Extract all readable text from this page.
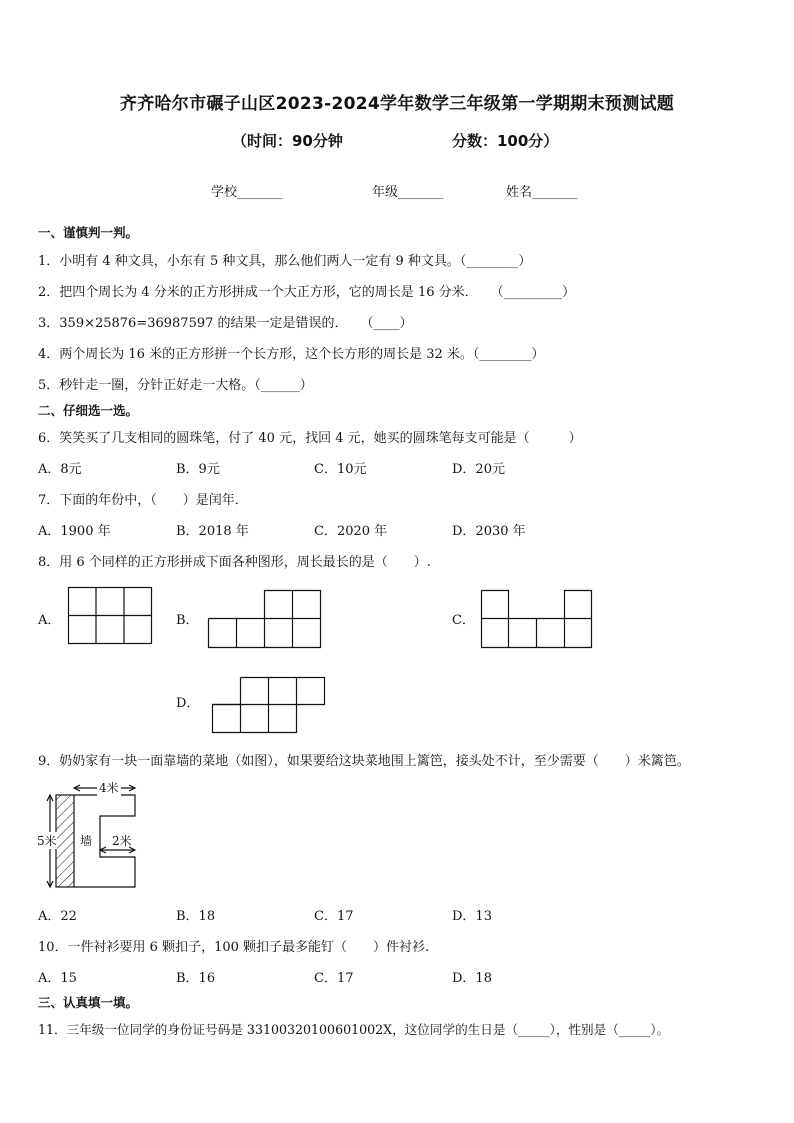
齐齐哈尔市碾子山区2023-2024学年数学三年级第一学期期末预测试题
（时间：90分钟	分数：100分）
学校_______	年级_______	姓名_______
一、谨慎判一判。
1．小明有 4 种文具，小东有 5 种文具，那么他们两人一定有 9 种文具。（________）
2．把四个周长为 4 分米的正方形拼成一个大正方形，它的周长是 16 分米．　　（_________）
3．359×25876=36987597 的结果一定是错误的．　　（____）
4．两个周长为 16 米的正方形拼一个长方形，这个长方形的周长是 32 米。（________）
5．秒针走一圈，分针正好走一大格。（______）
二、仔细选一选。
6．笑笑买了几支相同的圆珠笔，付了 40 元，找回 4 元，她买的圆珠笔每支可能是（　　　）
A．8元	B．9元	C．10元	D．20元
7．下面的年份中，（　　）是闰年．
A．1900 年	B．2018 年	C．2020 年	D．2030 年
8．用 6 个同样的正方形拼成下面各种图形，周长最长的是（　　）.
A．	B．	C．
D．
9．奶奶家有一块一面靠墙的菜地（如图），如果要给这块菜地围上篱笆，接头处不计，至少需要（　　）米篱笆。
4米
5米 墙 2米
A．22	B．18	C．17	D．13
10．一件衬衫要用 6 颗扣子，100 颗扣子最多能钉（　　）件衬衫.
A．15	B．16	C．17	D．18
三、认真填一填。
11．三年级一位同学的身份证号码是 33100320100601002X，这位同学的生日是（_____），性别是（_____）。
